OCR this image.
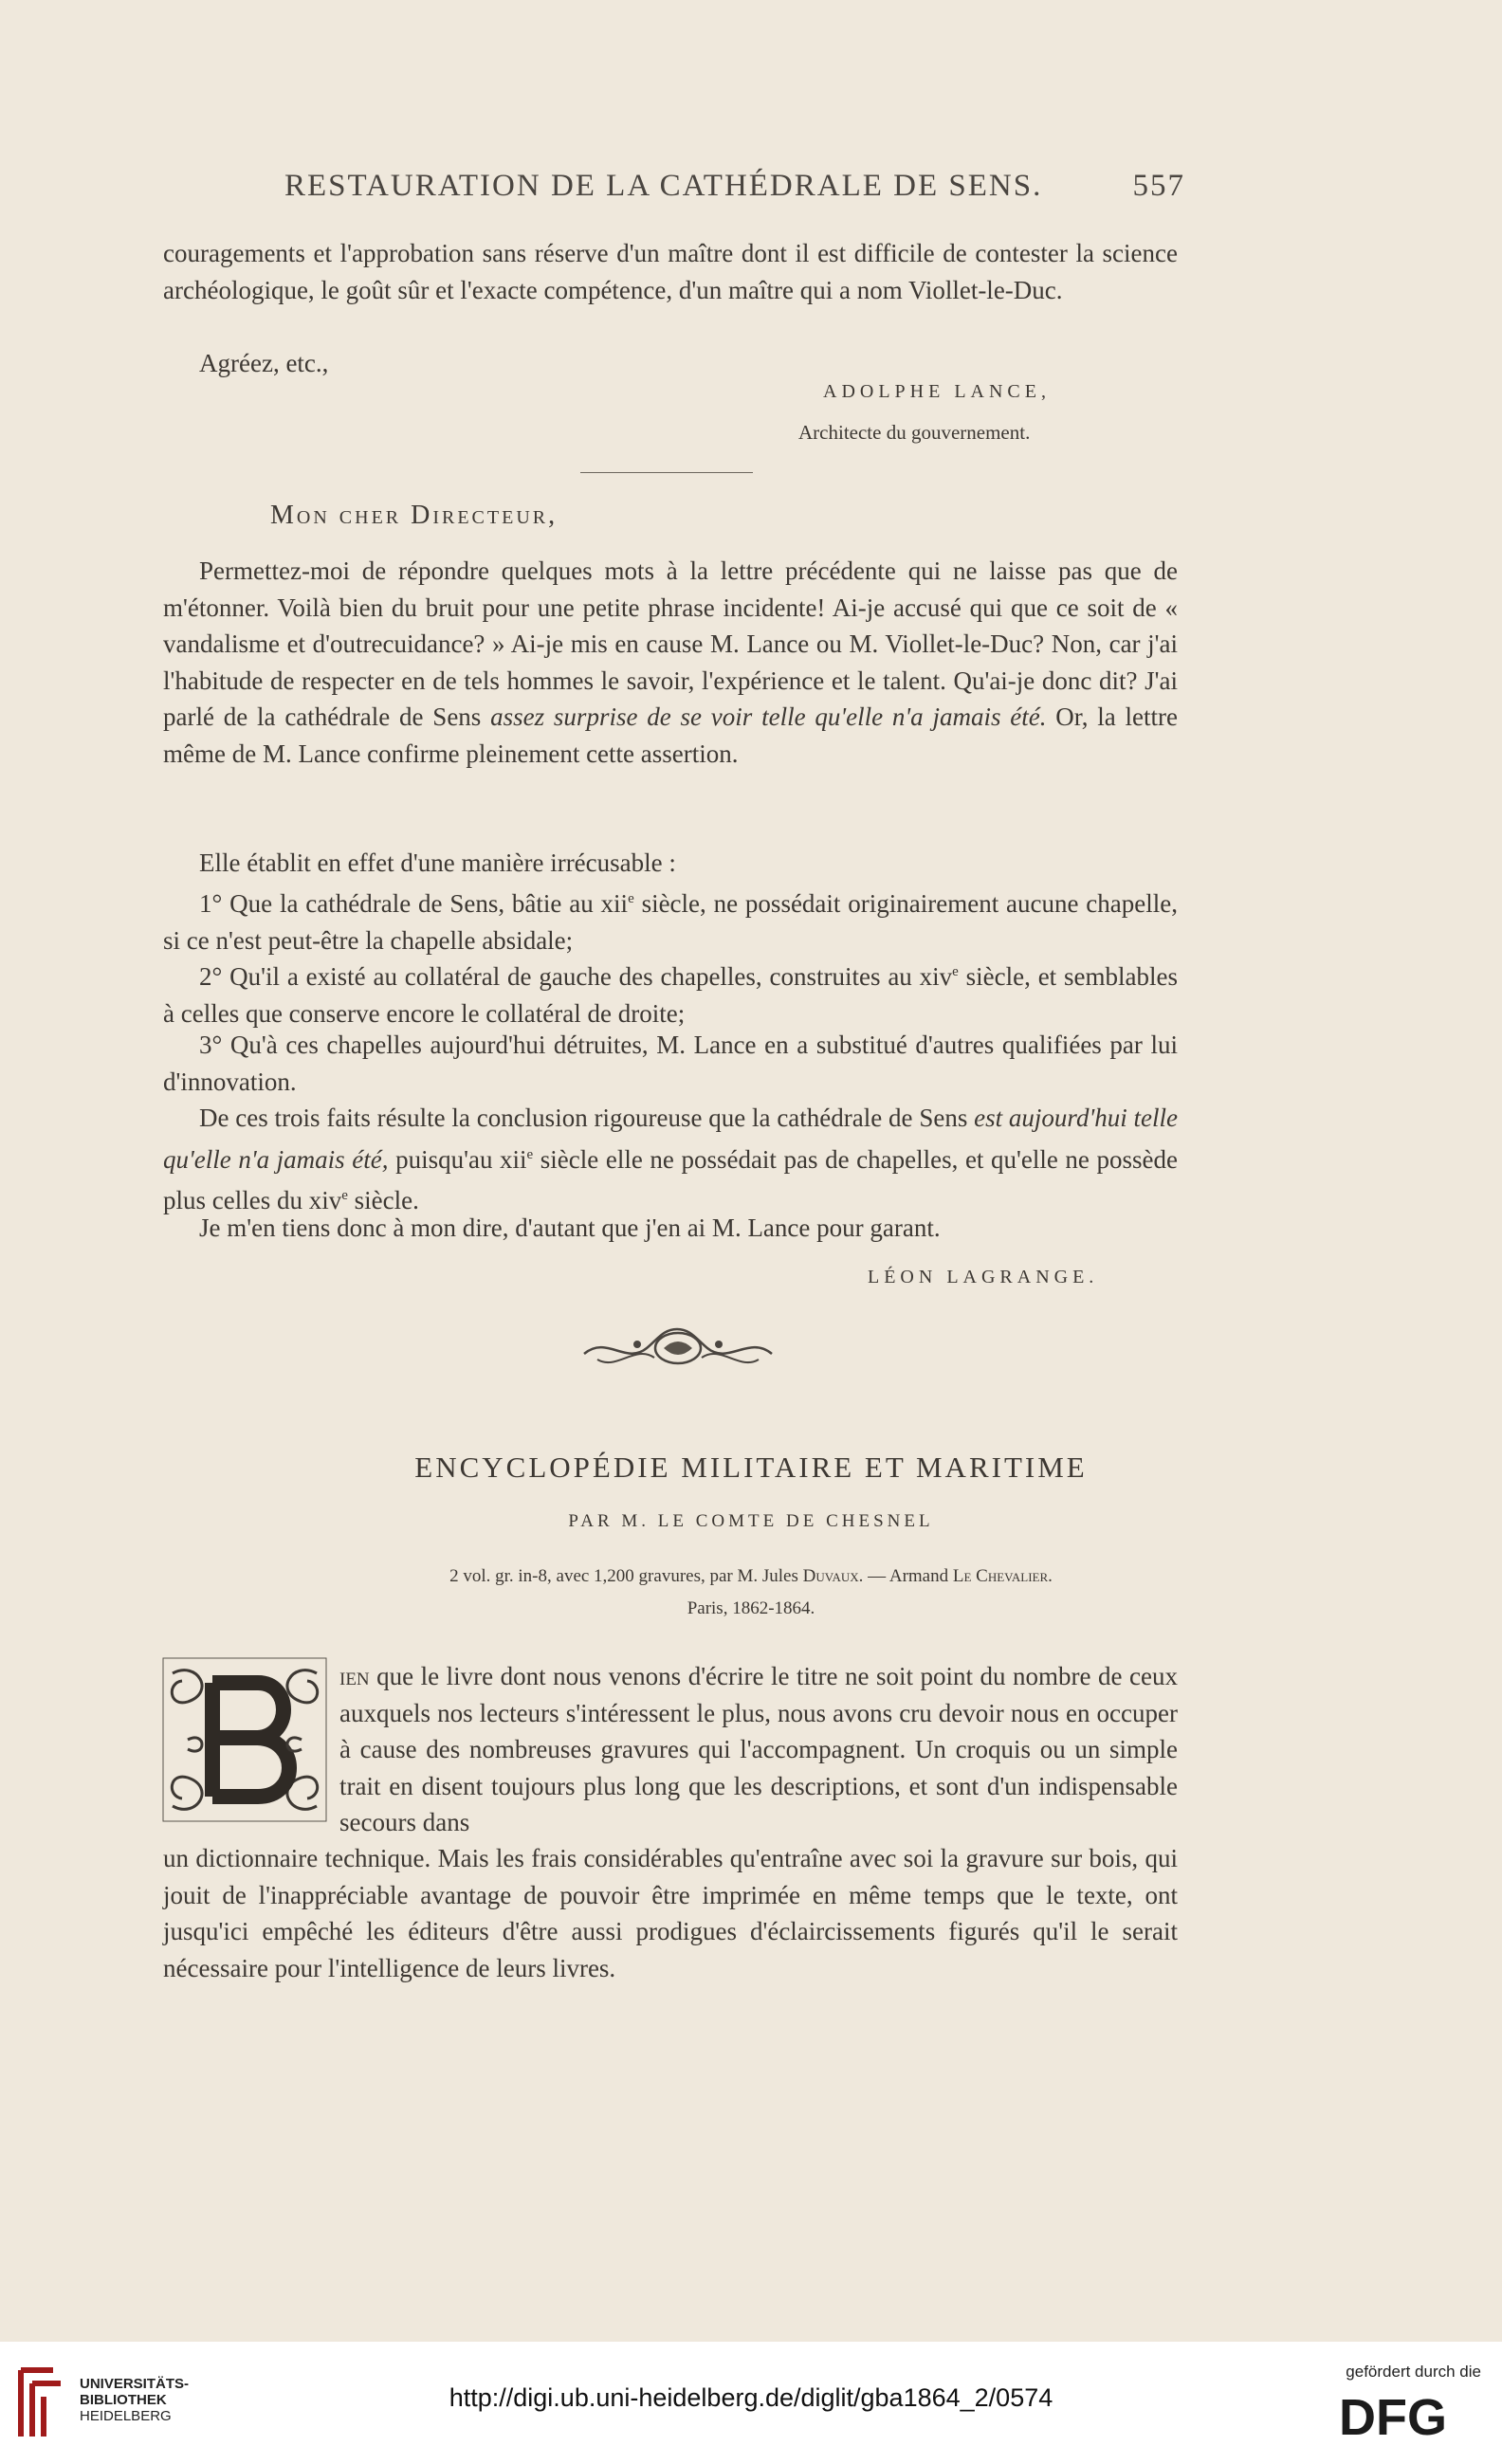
RESTAURATION DE LA CATHÉDRALE DE SENS.	557
couragements et l'approbation sans réserve d'un maître dont il est difficile de contester la science archéologique, le goût sûr et l'exacte compétence, d'un maître qui a nom Viollet-le-Duc.
Agréez, etc.,
ADOLPHE LANCE,
Architecte du gouvernement.
Mon cher Directeur,
Permettez-moi de répondre quelques mots à la lettre précédente qui ne laisse pas que de m'étonner. Voilà bien du bruit pour une petite phrase incidente! Ai-je accusé qui que ce soit de « vandalisme et d'outrecuidance? » Ai-je mis en cause M. Lance ou M. Viollet-le-Duc? Non, car j'ai l'habitude de respecter en de tels hommes le savoir, l'expérience et le talent. Qu'ai-je donc dit? J'ai parlé de la cathédrale de Sens assez surprise de se voir telle qu'elle n'a jamais été. Or, la lettre même de M. Lance confirme pleinement cette assertion.
Elle établit en effet d'une manière irrécusable :
1° Que la cathédrale de Sens, bâtie au xii$^e$ siècle, ne possédait originairement aucune chapelle, si ce n'est peut-être la chapelle absidale;
2° Qu'il a existé au collatéral de gauche des chapelles, construites au xiv$^e$ siècle, et semblables à celles que conserve encore le collatéral de droite;
3° Qu'à ces chapelles aujourd'hui détruites, M. Lance en a substitué d'autres qualifiées par lui d'innovation.
De ces trois faits résulte la conclusion rigoureuse que la cathédrale de Sens est aujourd'hui telle qu'elle n'a jamais été, puisqu'au xii$^e$ siècle elle ne possédait pas de chapelles, et qu'elle ne possède plus celles du xiv$^e$ siècle.
Je m'en tiens donc à mon dire, d'autant que j'en ai M. Lance pour garant.
LÉON LAGRANGE.
ENCYCLOPÉDIE MILITAIRE ET MARITIME
PAR M. LE COMTE DE CHESNEL
2 vol. gr. in-8, avec 1,200 gravures, par M. Jules Duvaux. — Armand Le Chevalier.
Paris, 1862-1864.
ien que le livre dont nous venons d'écrire le titre ne soit point du nombre de ceux auxquels nos lecteurs s'intéressent le plus, nous avons cru devoir nous en occuper à cause des nombreuses gravures qui l'accompagnent. Un croquis ou un simple trait en disent toujours plus long que les descriptions, et sont d'un indispensable secours dans
un dictionnaire technique. Mais les frais considérables qu'entraîne avec soi la gravure sur bois, qui jouit de l'inappréciable avantage de pouvoir être imprimée en même temps que le texte, ont jusqu'ici empêché les éditeurs d'être aussi prodigues d'éclaircissements figurés qu'il le serait nécessaire pour l'intelligence de leurs livres.
UNIVERSITÄTS-
BIBLIOTHEK
HEIDELBERG
http://digi.ub.uni-heidelberg.de/diglit/gba1864_2/0574
gefördert durch die
DFG
